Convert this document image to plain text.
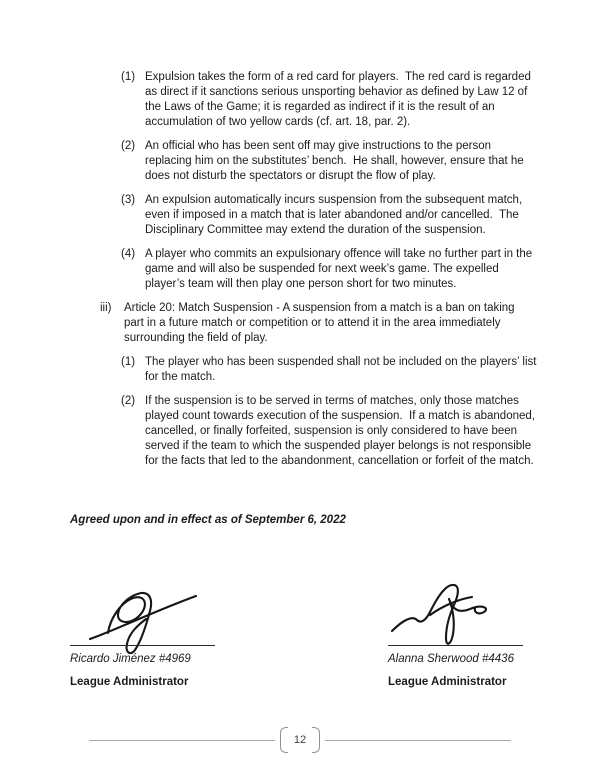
(1) Expulsion takes the form of a red card for players.  The red card is regarded as direct if it sanctions serious unsporting behavior as defined by Law 12 of the Laws of the Game; it is regarded as indirect if it is the result of an accumulation of two yellow cards (cf. art. 18, par. 2).
(2) An official who has been sent off may give instructions to the person replacing him on the substitutes’ bench.  He shall, however, ensure that he does not disturb the spectators or disrupt the flow of play.
(3) An expulsion automatically incurs suspension from the subsequent match, even if imposed in a match that is later abandoned and/or cancelled.  The Disciplinary Committee may extend the duration of the suspension.
(4) A player who commits an expulsionary offence will take no further part in the game and will also be suspended for next week’s game. The expelled player’s team will then play one person short for two minutes.
iii)	Article 20: Match Suspension - A suspension from a match is a ban on taking part in a future match or competition or to attend it in the area immediately surrounding the field of play.
(1) The player who has been suspended shall not be included on the players’ list for the match.
(2) If the suspension is to be served in terms of matches, only those matches played count towards execution of the suspension.  If a match is abandoned, cancelled, or finally forfeited, suspension is only considered to have been served if the team to which the suspended player belongs is not responsible for the facts that led to the abandonment, cancellation or forfeit of the match.
Agreed upon and in effect as of September 6, 2022
Ricardo Jiménez #4969
League Administrator
Alanna Sherwood #4436
League Administrator
12
